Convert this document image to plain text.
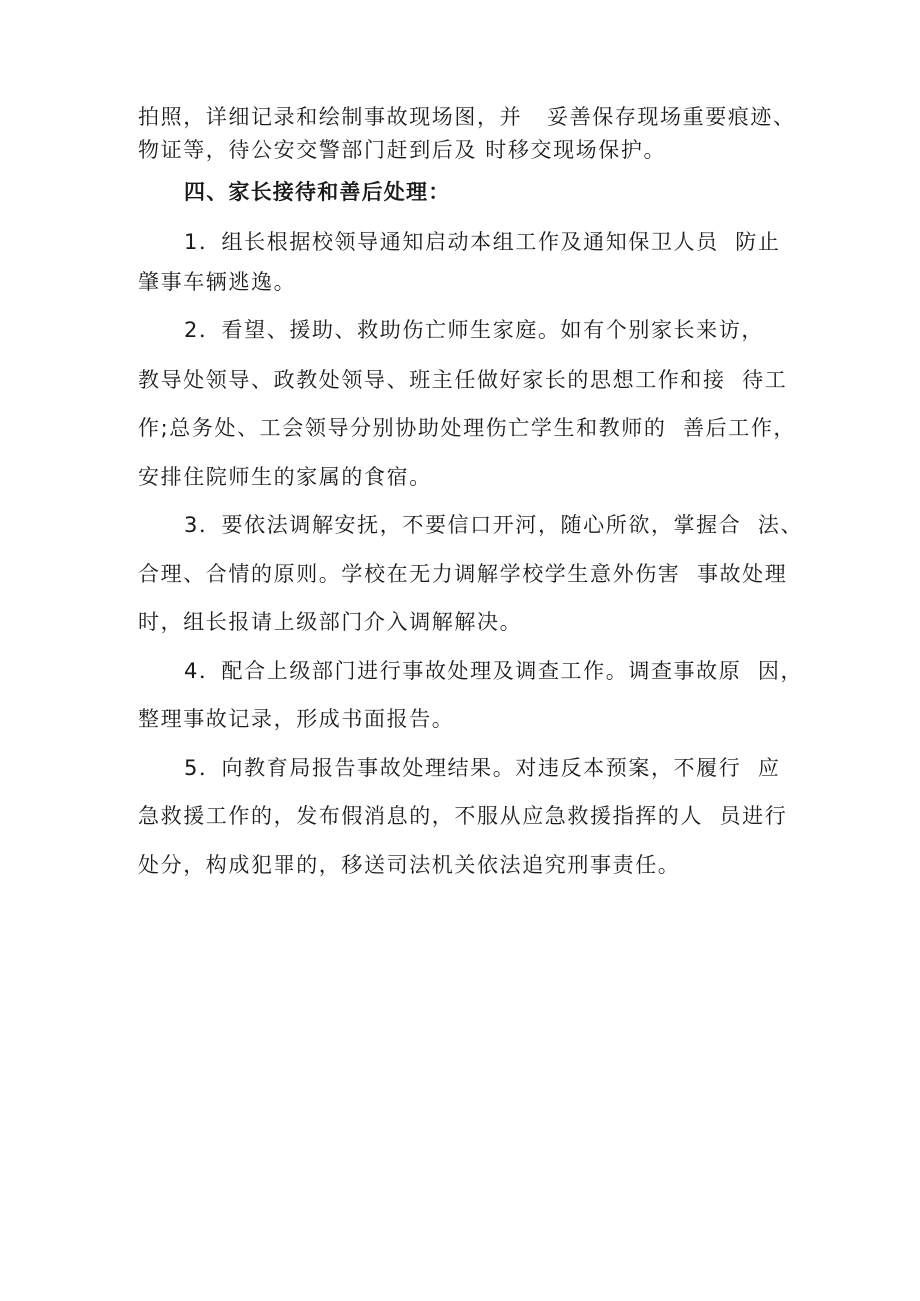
拍照，详细记录和绘制事故现场图，并   妥善保存现场重要痕迹、
物证等，待公安交警部门赶到后及 时移交现场保护。
四、家长接待和善后处理：
1．组长根据校领导通知启动本组工作及通知保卫人员  防止
肇事车辆逃逸。
2．看望、援助、救助伤亡师生家庭。如有个别家长来访，
教导处领导、政教处领导、班主任做好家长的思想工作和接  待工
作;总务处、工会领导分别协助处理伤亡学生和教师的  善后工作，
安排住院师生的家属的食宿。
3．要依法调解安抚，不要信口开河，随心所欲，掌握合  法、
合理、合情的原则。学校在无力调解学校学生意外伤害  事故处理
时，组长报请上级部门介入调解解决。
4．配合上级部门进行事故处理及调查工作。调查事故原  因，
整理事故记录，形成书面报告。
5．向教育局报告事故处理结果。对违反本预案，不履行  应
急救援工作的，发布假消息的，不服从应急救援指挥的人  员进行
处分，构成犯罪的，移送司法机关依法追究刑事责任。
